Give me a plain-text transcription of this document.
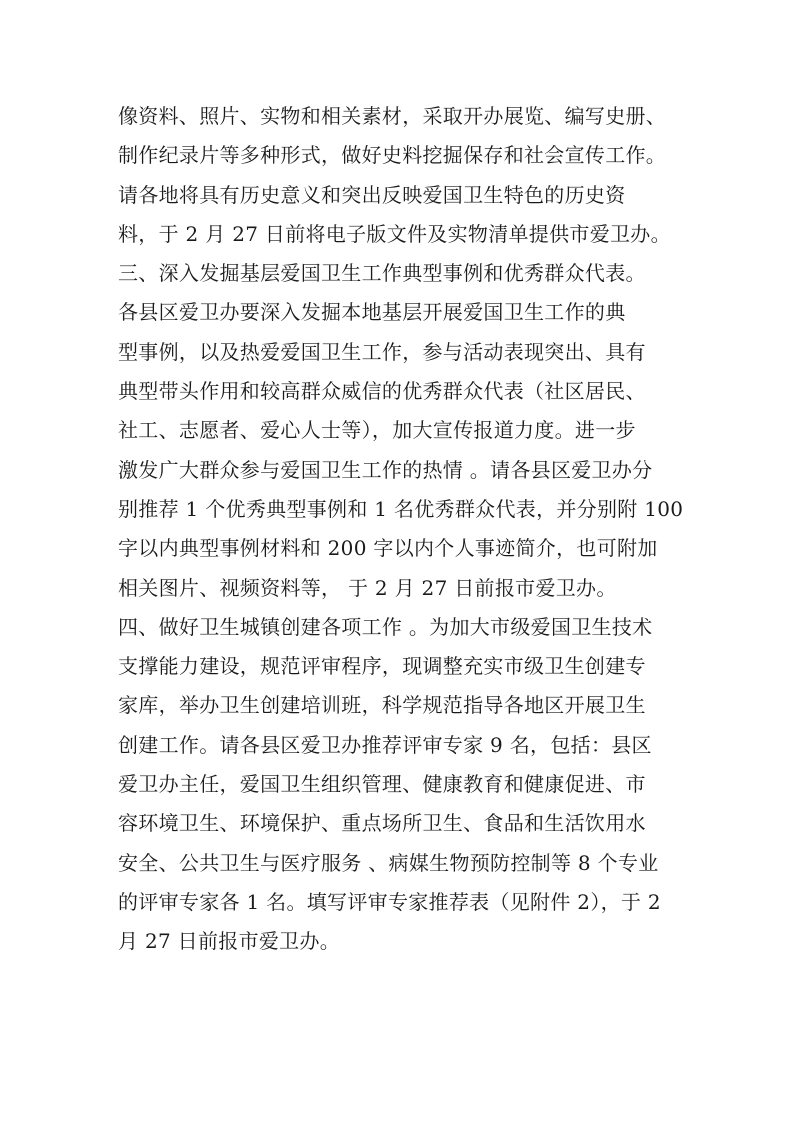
像资料、照片、实物和相关素材，采取开办展览、编写史册、
制作纪录片等多种形式，做好史料挖掘保存和社会宣传工作。
请各地将具有历史意义和突出反映爱国卫生特色的历史资
料，于 2 月 27 日前将电子版文件及实物清单提供市爱卫办。
三、深入发掘基层爱国卫生工作典型事例和优秀群众代表。
各县区爱卫办要深入发掘本地基层开展爱国卫生工作的典
型事例，以及热爱爱国卫生工作，参与活动表现突出、具有
典型带头作用和较高群众威信的优秀群众代表（社区居民、
社工、志愿者、爱心人士等），加大宣传报道力度。进一步
激发广大群众参与爱国卫生工作的热情 。请各县区爱卫办分
别推荐 1 个优秀典型事例和 1 名优秀群众代表，并分别附 100
字以内典型事例材料和 200 字以内个人事迹简介，也可附加
相关图片、视频资料等， 于 2 月 27 日前报市爱卫办。
四、做好卫生城镇创建各项工作 。为加大市级爱国卫生技术
支撑能力建设，规范评审程序，现调整充实市级卫生创建专
家库，举办卫生创建培训班，科学规范指导各地区开展卫生
创建工作。请各县区爱卫办推荐评审专家 9 名，包括：县区
爱卫办主任，爱国卫生组织管理、健康教育和健康促进、市
容环境卫生、环境保护、重点场所卫生、食品和生活饮用水
安全、公共卫生与医疗服务 、病媒生物预防控制等 8 个专业
的评审专家各 1 名。填写评审专家推荐表（见附件 2），于 2
月 27 日前报市爱卫办。
